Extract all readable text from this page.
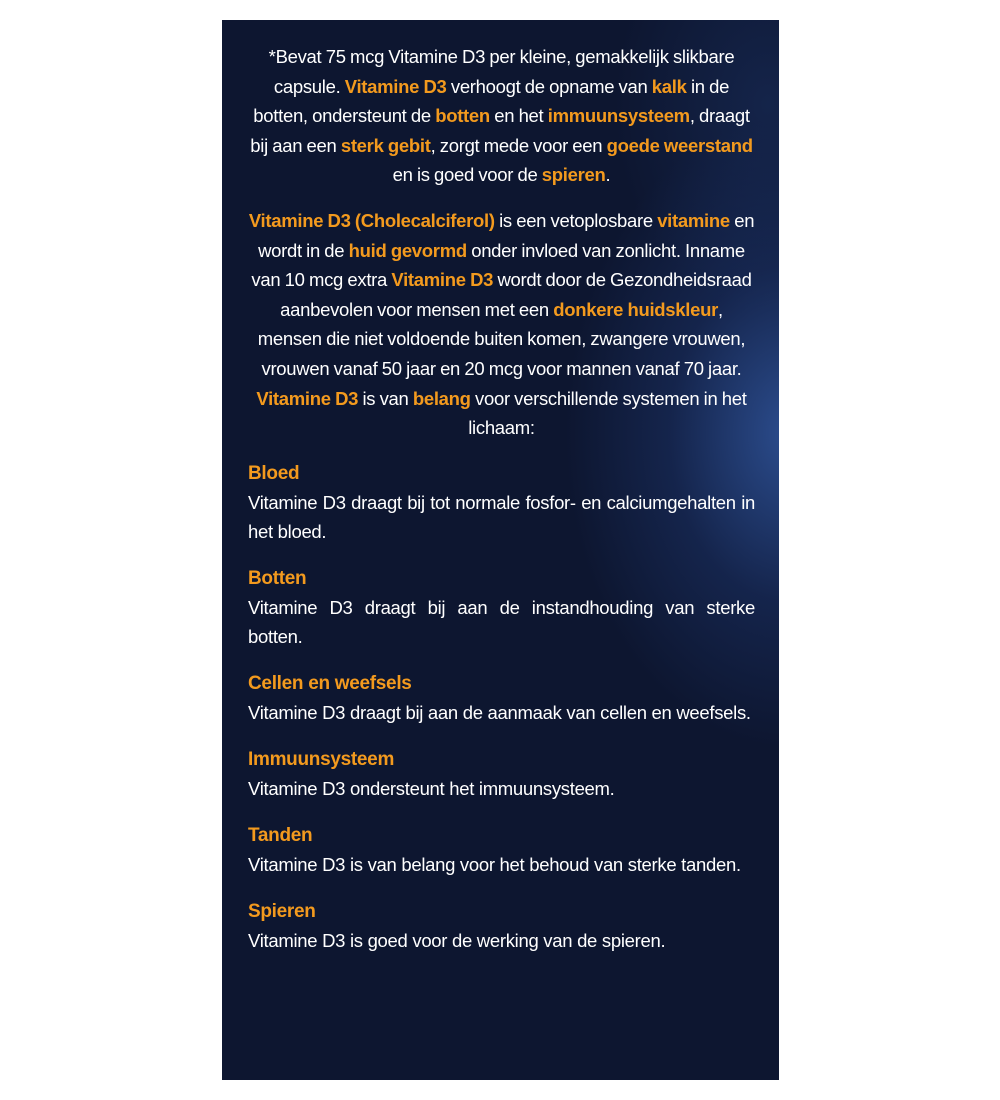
*Bevat 75 mcg Vitamine D3 per kleine, gemakkelijk slikbare capsule. Vitamine D3 verhoogt de opname van kalk in de botten, ondersteunt de botten en het immuunsysteem, draagt bij aan een sterk gebit, zorgt mede voor een goede weerstand en is goed voor de spieren.

Vitamine D3 (Cholecalciferol) is een vetoplosbare vitamine en wordt in de huid gevormd onder invloed van zonlicht. Inname van 10 mcg extra Vitamine D3 wordt door de Gezondheidsraad aanbevolen voor mensen met een donkere huidskleur, mensen die niet voldoende buiten komen, zwangere vrouwen, vrouwen vanaf 50 jaar en 20 mcg voor mannen vanaf 70 jaar. Vitamine D3 is van belang voor verschillende systemen in het lichaam:

Bloed

Vitamine D3 draagt bij tot normale fosfor- en calciumgehalten in het bloed.

Botten

Vitamine D3 draagt bij aan de instandhouding van sterke botten.

Cellen en weefsels

Vitamine D3 draagt bij aan de aanmaak van cellen en weefsels.

Immuunsysteem

Vitamine D3 ondersteunt het immuunsysteem.

Tanden

Vitamine D3 is van belang voor het behoud van sterke tanden.

Spieren

Vitamine D3 is goed voor de werking van de spieren.
